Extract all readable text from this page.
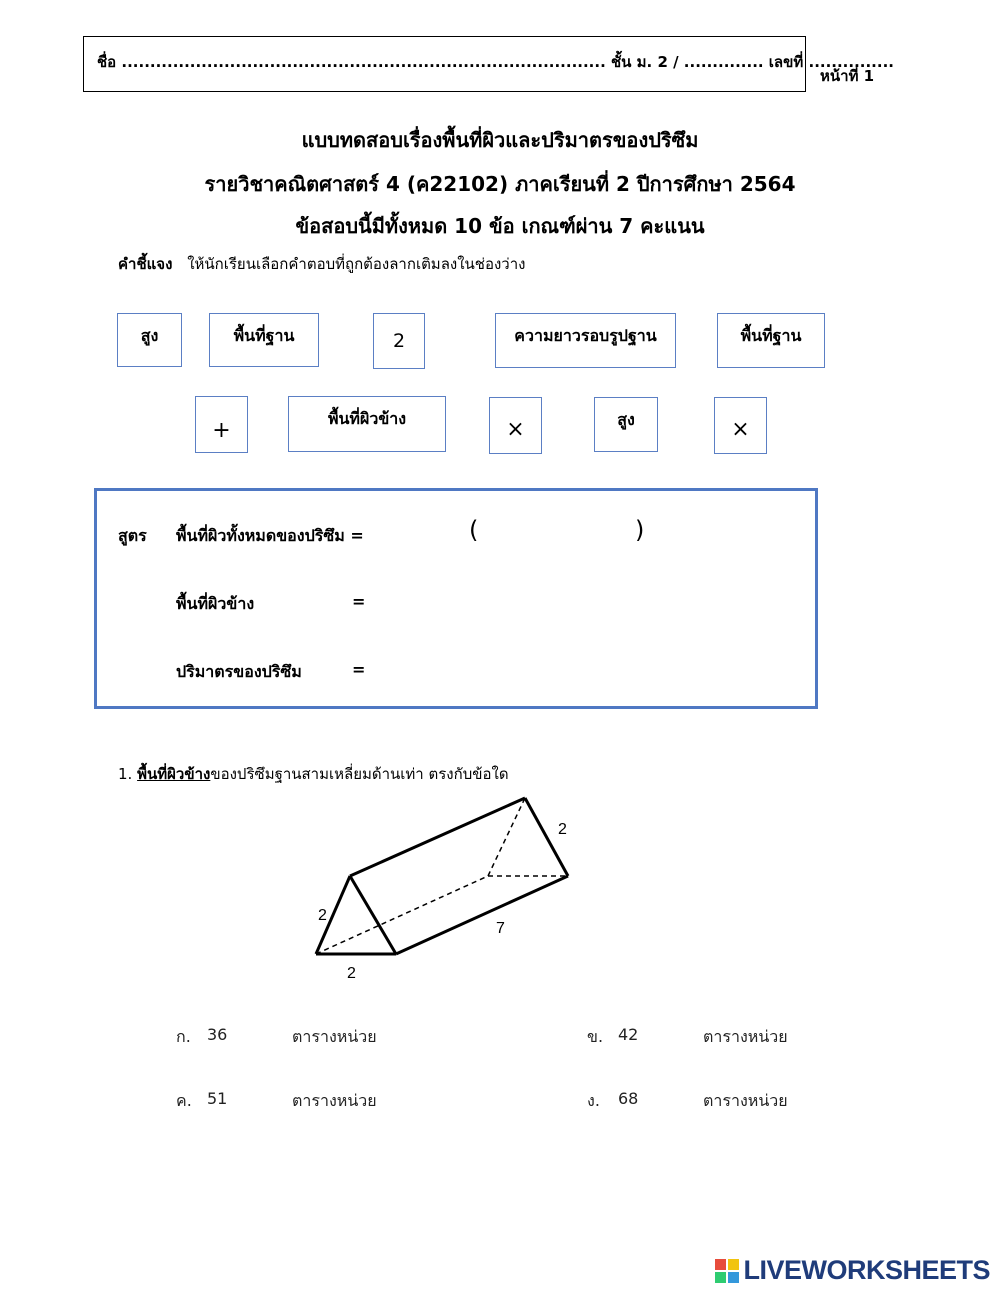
ชื่อ ..................................................................................... ชั้น ม. 2 / .............. เลขที่ ...............
หน้าที่ 1
แบบทดสอบเรื่องพื้นที่ผิวและปริมาตรของปริซึม
รายวิชาคณิตศาสตร์ 4 (ค22102) ภาคเรียนที่ 2 ปีการศึกษา 2564
ข้อสอบนี้มีทั้งหมด 10 ข้อ เกณฑ์ผ่าน 7 คะแนน
คำชี้แจง ให้นักเรียนเลือกคำตอบที่ถูกต้องลากเติมลงในช่องว่าง
สูง	พื้นที่ฐาน	2	ความยาวรอบรูปฐาน	พื้นที่ฐาน
+	พื้นที่ผิวข้าง	×	สูง	×
สูตร พื้นที่ผิวทั้งหมดของปริซึม =	(	)
พื้นที่ผิวข้าง	=
ปริมาตรของปริซึม	=
1. พื้นที่ผิวข้างของปริซึมฐานสามเหลี่ยมด้านเท่า ตรงกับข้อใด
2
2
2
7
ก. 36	ตารางหน่วย	ข. 42	ตารางหน่วย
ค. 51	ตารางหน่วย	ง. 68	ตารางหน่วย
LIVEWORKSHEETS
